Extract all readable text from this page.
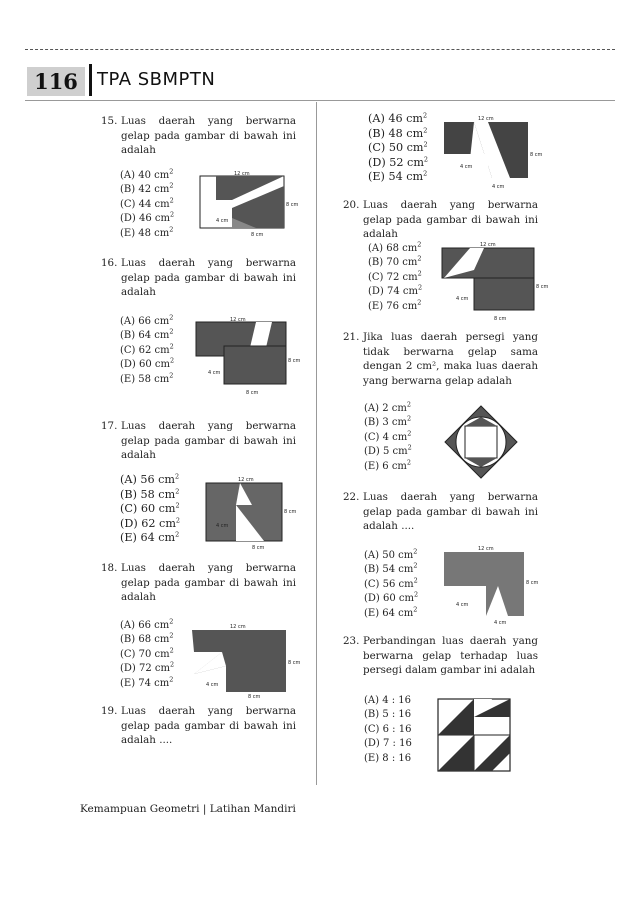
116	TPA SBMPTN
15. Luas daerah yang berwarna gelap pada gambar di bawah ini adalah
(A) 40 $cm^2$
(B) 42 $cm^2$
(C) 44 $cm^2$
(D) 46 $cm^2$
(E) 48 $cm^2$
12 cm
8 cm
4 cm
8 cm
16. Luas daerah yang berwarna gelap pada gambar di bawah ini adalah
(A) 66 $cm^2$
(B) 64 $cm^2$
(C) 62 $cm^2$
(D) 60 $cm^2$
(E) 58 $cm^2$
12 cm
8 cm
4 cm
8 cm
17. Luas daerah yang berwarna gelap pada gambar di bawah ini adalah
(A) 56 $cm^2$
(B) 58 $cm^2$
(C) 60 $cm^2$
(D) 62 $cm^2$
(E) 64 $cm^2$
12 cm
8 cm
4 cm
8 cm
18. Luas daerah yang berwarna gelap pada gambar di bawah ini adalah
(A) 66 $cm^2$
(B) 68 $cm^2$
(C) 70 $cm^2$
(D) 72 $cm^2$
(E) 74 $cm^2$
12 cm
8 cm
4 cm
8 cm
19. Luas daerah yang berwarna gelap pada gambar di bawah ini adalah ....
(A) 46 $cm^2$
(B) 48 $cm^2$
(C) 50 $cm^2$
(D) 52 $cm^2$
(E) 54 $cm^2$
12 cm
8 cm
4 cm
4 cm
20. Luas daerah yang berwarna gelap pada gambar di bawah ini adalah
(A) 68 $cm^2$
(B) 70 $cm^2$
(C) 72 $cm^2$
(D) 74 $cm^2$
(E) 76 $cm^2$
12 cm
8 cm
4 cm
8 cm
21. Jika luas daerah persegi yang tidak berwarna gelap sama dengan 2 cm², maka luas daerah yang berwarna gelap adalah
(A) 2 $cm^2$
(B) 3 $cm^2$
(C) 4 $cm^2$
(D) 5 $cm^2$
(E) 6 $cm^2$
22. Luas daerah yang berwarna gelap pada gambar di bawah ini adalah ....
(A) 50 $cm^2$
(B) 54 $cm^2$
(C) 56 $cm^2$
(D) 60 $cm^2$
(E) 64 $cm^2$
12 cm
8 cm
4 cm
4 cm
23. Perbandingan luas daerah yang berwarna gelap terhadap luas persegi dalam gambar ini adalah
(A) 4 : 16
(B) 5 : 16
(C) 6 : 16
(D) 7 : 16
(E) 8 : 16
Kemampuan Geometri | Latihan Mandiri
